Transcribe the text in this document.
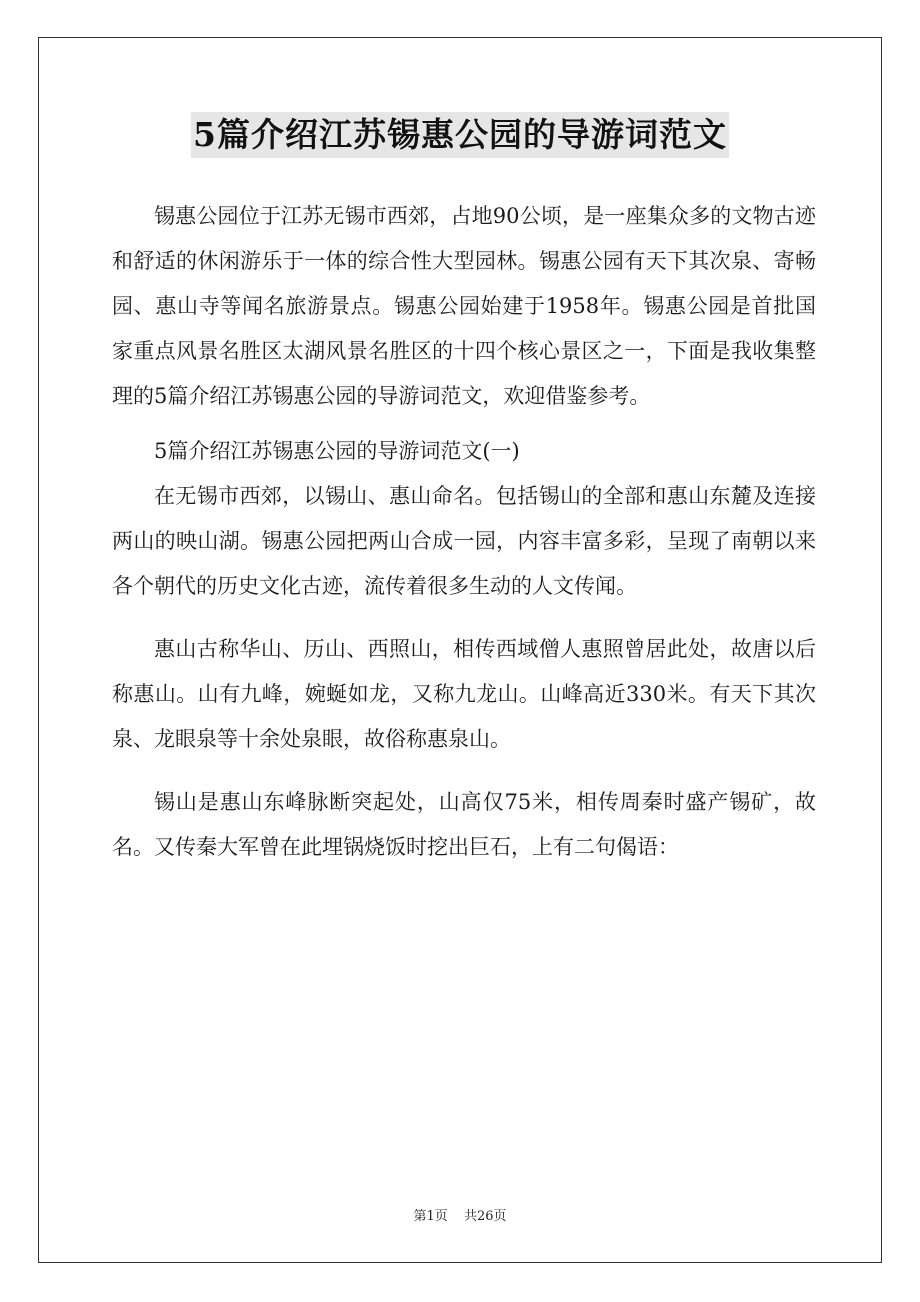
5篇介绍江苏锡惠公园的导游词范文

锡惠公园位于江苏无锡市西郊，占地90公顷，是一座集众多的文物古迹和舒适的休闲游乐于一体的综合性大型园林。锡惠公园有天下其次泉、寄畅园、惠山寺等闻名旅游景点。锡惠公园始建于1958年。锡惠公园是首批国家重点风景名胜区太湖风景名胜区的十四个核心景区之一，下面是我收集整理的5篇介绍江苏锡惠公园的导游词范文，欢迎借鉴参考。

5篇介绍江苏锡惠公园的导游词范文(一)

在无锡市西郊，以锡山、惠山命名。包括锡山的全部和惠山东麓及连接两山的映山湖。锡惠公园把两山合成一园，内容丰富多彩，呈现了南朝以来各个朝代的历史文化古迹，流传着很多生动的人文传闻。

惠山古称华山、历山、西照山，相传西域僧人惠照曾居此处，故唐以后称惠山。山有九峰，婉蜒如龙，又称九龙山。山峰高近330米。有天下其次泉、龙眼泉等十余处泉眼，故俗称惠泉山。

锡山是惠山东峰脉断突起处，山高仅75米，相传周秦时盛产锡矿，故名。又传秦大军曾在此埋锅烧饭时挖出巨石，上有二句偈语：

第1页 共26页
